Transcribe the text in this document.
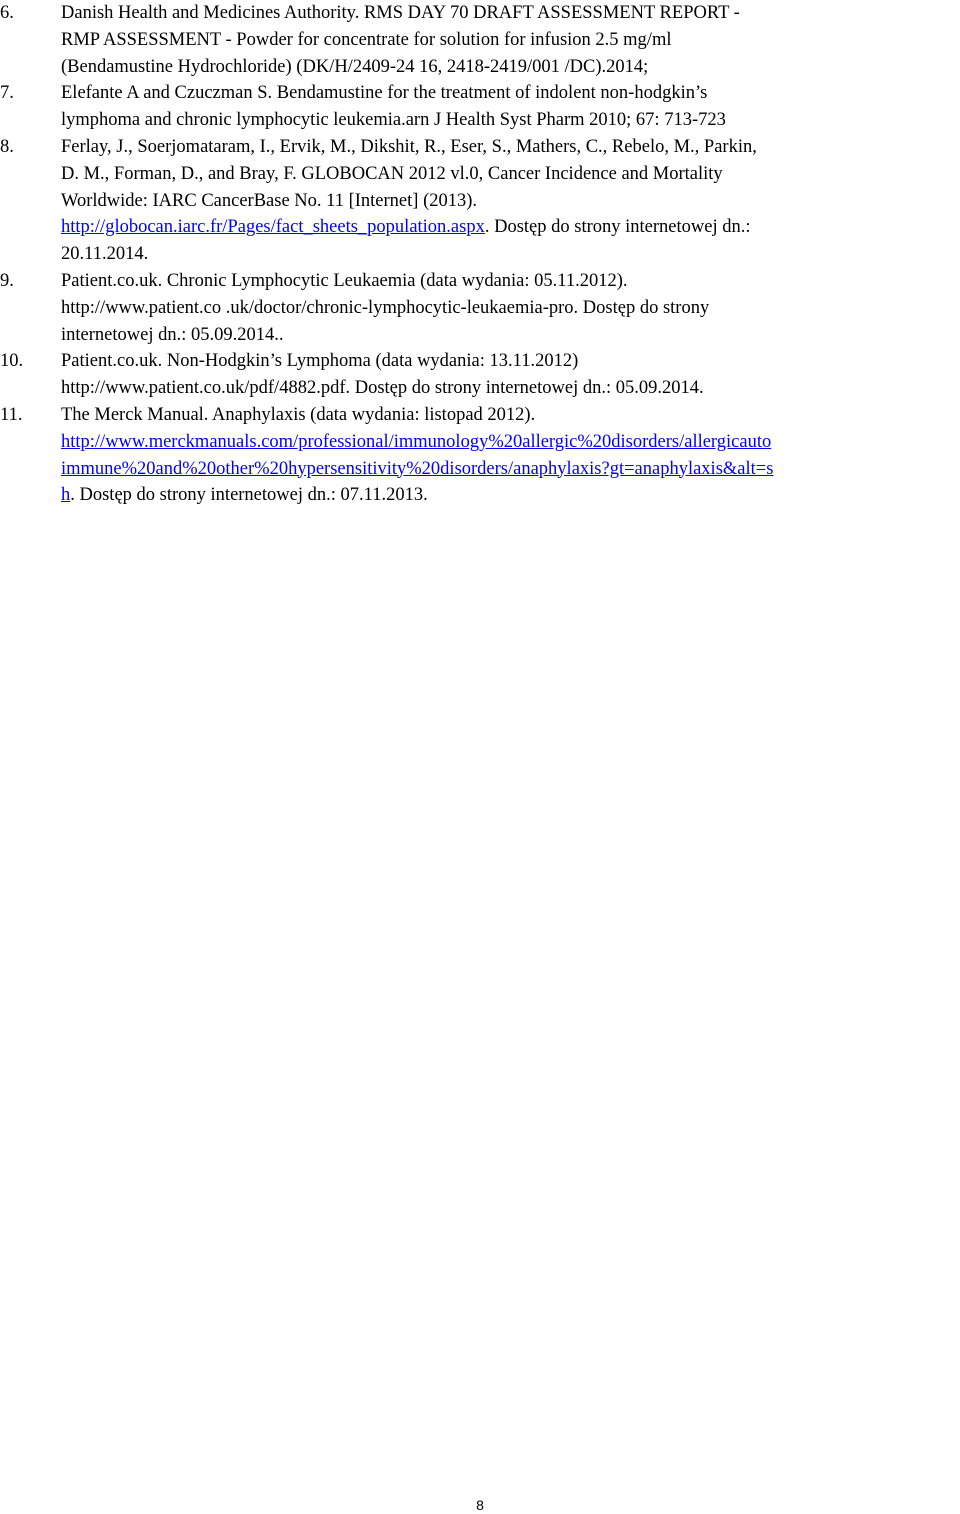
6.	Danish Health and Medicines Authority. RMS DAY 70 DRAFT ASSESSMENT REPORT -
RMP ASSESSMENT - Powder for concentrate for solution for infusion 2.5 mg/ml
(Bendamustine Hydrochloride) (DK/H/2409-24 16, 2418-2419/001 /DC).2014;
7.	Elefante A and Czuczman S. Bendamustine for the treatment of indolent non-hodgkin’s
lymphoma and chronic lymphocytic leukemia.arn J Health Syst Pharm 2010; 67: 713-723
8.	Ferlay, J., Soerjomataram, I., Ervik, M., Dikshit, R., Eser, S., Mathers, C., Rebelo, M., Parkin,
D. M., Forman, D., and Bray, F. GLOBOCAN 2012 vl.0, Cancer Incidence and Mortality
Worldwide: IARC CancerBase No. 11 [Internet] (2013).
http://globocan.iarc.fr/Pages/fact_sheets_population.aspx. Dostęp do strony internetowej dn.:
20.11.2014.
9.	Patient.co.uk. Chronic Lymphocytic Leukaemia (data wydania: 05.11.2012).
http://www.patient.co .uk/doctor/chronic-lymphocytic-leukaemia-pro. Dostęp do strony
internetowej dn.: 05.09.2014..
10. Patient.co.uk. Non-Hodgkin’s Lymphoma (data wydania: 13.11.2012)
http://www.patient.co.uk/pdf/4882.pdf. Dostęp do strony internetowej dn.: 05.09.2014.
11. The Merck Manual. Anaphylaxis (data wydania: listopad 2012).
http://www.merckmanuals.com/professional/immunology%20allergic%20disorders/allergicauto
immune%20and%20other%20hypersensitivity%20disorders/anaphylaxis?gt=anaphylaxis&alt=s
h. Dostęp do strony internetowej dn.: 07.11.2013.
8
